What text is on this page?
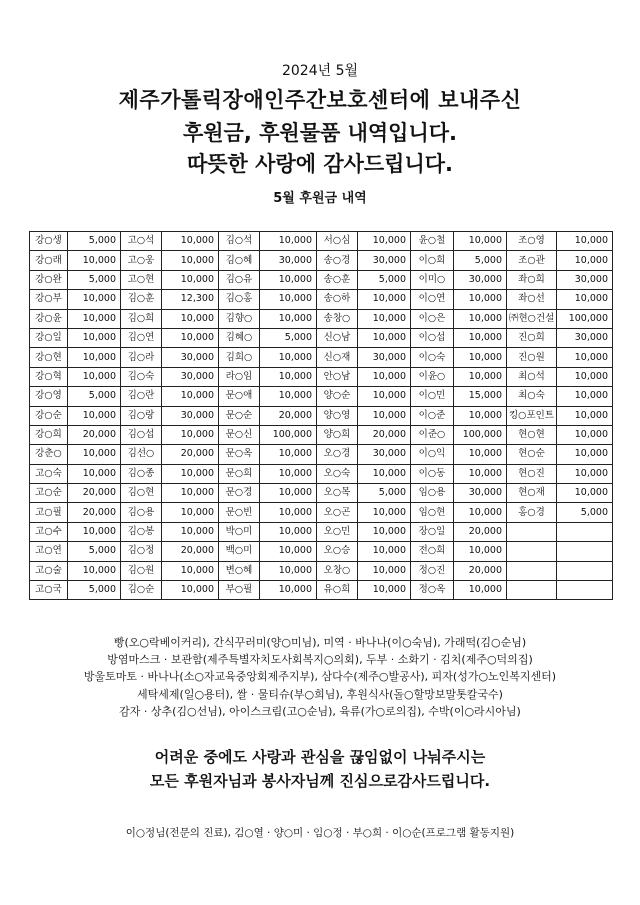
2024년 5월
제주가톨릭장애인주간보호센터에 보내주신
후원금, 후원물품 내역입니다.
따뜻한 사랑에 감사드립니다.
5월 후원금 내역
강○생	5,000	고○석	10,000	김○석	10,000	서○심	10,000	윤○철	10,000	조○영	10,000
강○래	10,000	고○웅	10,000	김○혜	30,000	송○경	30,000	이○희	5,000	조○관	10,000
강○완	5,000	고○현	10,000	김○유	10,000	송○훈	5,000	이미○	30,000	좌○희	30,000
강○부	10,000	김○훈	12,300	김○홍	10,000	송○하	10,000	이○연	10,000	좌○선	10,000
강○윤	10,000	김○희	10,000	김향○	10,000	송창○	10,000	이○은	10,000	㈜현○건설	100,000
강○일	10,000	김○연	10,000	김혜○	5,000	신○남	10,000	이○섭	10,000	진○희	30,000
강○현	10,000	김○라	30,000	김희○	10,000	신○재	30,000	이○숙	10,000	진○원	10,000
강○혁	10,000	김○숙	30,000	라○임	10,000	안○남	10,000	이윤○	10,000	최○석	10,000
강○영	5,000	김○란	10,000	문○애	10,000	양○순	10,000	이○민	15,000	최○숙	10,000
강○순	10,000	김○랑	30,000	문○순	20,000	양○영	10,000	이○준	10,000	킹○포인트	10,000
강○희	20,000	김○섭	10,000	문○신	100,000	양○희	20,000	이준○	100,000	현○현	10,000
강춘○	10,000	김선○	20,000	문○옥	10,000	오○경	30,000	이○익	10,000	현○순	10,000
고○숙	10,000	김○종	10,000	문○희	10,000	오○숙	10,000	이○동	10,000	현○진	10,000
고○순	20,000	김○현	10,000	문○경	10,000	오○목	5,000	임○용	30,000	현○재	10,000
고○필	20,000	김○용	10,000	문○빈	10,000	오○곤	10,000	임○현	10,000	홍○경	5,000
고○수	10,000	김○봉	10,000	박○미	10,000	오○민	10,000	장○일	20,000		
고○연	5,000	김○정	20,000	백○미	10,000	오○승	10,000	전○희	10,000		
고○술	10,000	김○원	10,000	변○혜	10,000	오창○	10,000	정○진	20,000		
고○국	5,000	김○순	10,000	부○필	10,000	유○희	10,000	정○옥	10,000		
빵(오○락베이커리), 간식꾸러미(양○미님), 미역 · 바나나(이○숙님), 가래떡(김○순님)
방염마스크 · 보관함(제주특별자치도사회복지○의회), 두부 · 소화기 · 김치(제주○덕의집)
방울토마토 · 바나나(소○자교육중앙회제주지부), 삼다수(제주○발공사), 피자(성가○노인복지센터)
세탁세제(일○용터), 쌀 · 물티슈(부○희님), 후원식사(돌○할망보말톳칼국수)
감자 · 상추(김○선님), 아이스크림(고○순님), 육류(가○로의집), 수박(이○라시아님)
어려운 중에도 사랑과 관심을 끊임없이 나눠주시는
모든 후원자님과 봉사자님께 진심으로감사드립니다.
이○정님(전문의 진료), 김○열 · 양○미 · 임○정 · 부○희 · 이○순(프로그램 활동지원)
